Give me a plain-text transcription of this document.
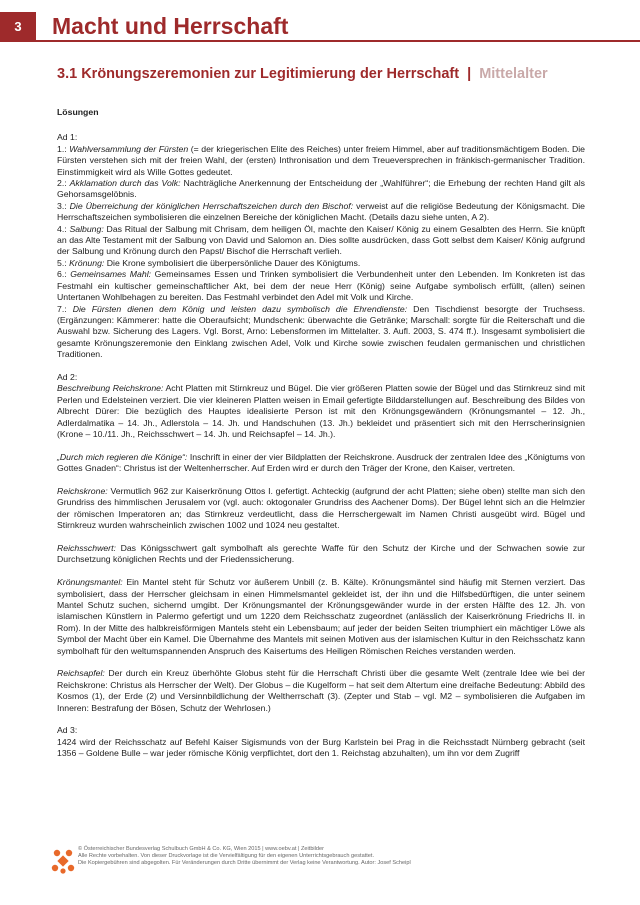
3 Macht und Herrschaft
3.1 Krönungszeremonien zur Legitimierung der Herrschaft | Mittelalter

Lösungen

Ad 1:

1.: Wahlversammlung der Fürsten (= der kriegerischen Elite des Reiches) unter freiem Himmel, aber auf traditionsmächtigem Boden. Die Fürsten verstehen sich mit der freien Wahl, der (ersten) Inthronisation und dem Treueversprechen in fränkisch-germanischer Tradition. Einstimmigkeit wird als Wille Gottes gedeutet.

2.: Akklamation durch das Volk: Nachträgliche Anerkennung der Entscheidung der „Wahlführer“; die Erhebung der rechten Hand gilt als Gehorsamsgelöbnis.

3.: Die Überreichung der königlichen Herrschaftszeichen durch den Bischof: verweist auf die religiöse Bedeutung der Königsmacht. Die Herrschaftszeichen symbolisieren die einzelnen Bereiche der königlichen Macht. (Details dazu siehe unten, A 2).

4.: Salbung: Das Ritual der Salbung mit Chrisam, dem heiligen Öl, machte den Kaiser/ König zu einem Gesalbten des Herrn. Sie knüpft an das Alte Testament mit der Salbung von David und Salomon an. Dies sollte ausdrücken, dass Gott selbst dem Kaiser/ König aufgrund der Salbung und Krönung durch den Papst/ Bischof die Herrschaft verlieh.

5.: Krönung: Die Krone symbolisiert die überpersönliche Dauer des Königtums.

6.: Gemeinsames Mahl: Gemeinsames Essen und Trinken symbolisiert die Verbundenheit unter den Lebenden. Im Konkreten ist das Festmahl ein kultischer gemeinschaftlicher Akt, bei dem der neue Herr (König) seine Aufgabe symbolisch erfüllt, (allen) seinen Untertanen Wohlbehagen zu bereiten. Das Festmahl verbindet den Adel mit Volk und Kirche.

7.: Die Fürsten dienen dem König und leisten dazu symbolisch die Ehrendienste: Den Tischdienst besorgte der Truchsess. (Ergänzungen: Kämmerer: hatte die Oberaufsicht; Mundschenk: überwachte die Getränke; Marschall: sorgte für die Reiterschaft und die Auswahl bzw. Sicherung des Lagers. Vgl. Borst, Arno: Lebensformen im Mittelalter. 3. Aufl. 2003, S. 474 ff.). Insgesamt symbolisiert die gesamte Krönungszeremonie den Einklang zwischen Adel, Volk und Kirche sowie zwischen feudalen germanischen und christlichen Traditionen.

Ad 2:

Beschreibung Reichskrone: Acht Platten mit Stirnkreuz und Bügel. Die vier größeren Platten sowie der Bügel und das Stirnkreuz sind mit Perlen und Edelsteinen verziert. Die vier kleineren Platten weisen in Email gefertigte Bilddarstellungen auf. Beschreibung des Bildes von Albrecht Dürer: Die bezüglich des Hauptes idealisierte Person ist mit den Krönungsgewändern (Krönungsmantel – 12. Jh., Adlerdalmatika – 14. Jh., Adlerstola – 14. Jh. und Handschuhen (13. Jh.) bekleidet und präsentiert sich mit den Herrscherinsignien (Krone – 10./11. Jh., Reichsschwert – 14. Jh. und Reichsapfel – 14. Jh.).

„Durch mich regieren die Könige“: Inschrift in einer der vier Bildplatten der Reichskrone. Ausdruck der zentralen Idee des „Königtums von Gottes Gnaden“: Christus ist der Weltenherrscher. Auf Erden wird er durch den Träger der Krone, den Kaiser, vertreten.

Reichskrone: Vermutlich 962 zur Kaiserkrönung Ottos I. gefertigt. Achteckig (aufgrund der acht Platten; siehe oben) stellte man sich den Grundriss des himmlischen Jerusalem vor (vgl. auch: oktogonaler Grundriss des Aachener Doms). Der Bügel lehnt sich an die Helmzier der römischen Imperatoren an; das Stirnkreuz verdeutlicht, dass die Herrschergewalt im Namen Christi ausgeübt wird. Bügel und Stirnkreuz wurden wahrscheinlich zwischen 1002 und 1024 neu gestaltet.

Reichsschwert: Das Königsschwert galt symbolhaft als gerechte Waffe für den Schutz der Kirche und der Schwachen sowie zur Durchsetzung königlichen Rechts und der Friedenssicherung.

Krönungsmantel: Ein Mantel steht für Schutz vor äußerem Unbill (z. B. Kälte). Krönungsmäntel sind häufig mit Sternen verziert. Das symbolisiert, dass der Herrscher gleichsam in einen Himmelsmantel gekleidet ist, der ihn und die Hilfsbedürftigen, die unter seinem Mantel Schutz suchen, sichernd umgibt. Der Krönungsmantel der Krönungsgewänder wurde in der ersten Hälfte des 12. Jh. von islamischen Künstlern in Palermo gefertigt und um 1220 dem Reichsschatz zugeordnet (anlässlich der Kaiserkrönung Friedrichs II. in Rom). In der Mitte des halbkreisförmigen Mantels steht ein Lebensbaum; auf jeder der beiden Seiten triumphiert ein mächtiger Löwe als Symbol der Macht über ein Kamel. Die Übernahme des Mantels mit seinen Motiven aus der islamischen Kultur in den Reichsschatz kann symbolhaft für den weltumspannenden Anspruch des Kaisertums des Heiligen Römischen Reiches verstanden werden.

Reichsapfel: Der durch ein Kreuz überhöhte Globus steht für die Herrschaft Christi über die gesamte Welt (zentrale Idee wie bei der Reichskrone: Christus als Herrscher der Welt). Der Globus – die Kugelform – hat seit dem Altertum eine dreifache Bedeutung: Abbild des Kosmos (1), der Erde (2) und Versinnbildlichung der Weltherrschaft (3). (Zepter und Stab – vgl. M2 – symbolisieren die Aufgaben im Inneren: Bestrafung der Bösen, Schutz der Wehrlosen.)

Ad 3:

1424 wird der Reichsschatz auf Befehl Kaiser Sigismunds von der Burg Karlstein bei Prag in die Reichsstadt Nürnberg gebracht (seit 1356 – Goldene Bulle – war jeder römische König verpflichtet, dort den 1. Reichstag abzuhalten), um ihn vor dem Zugriff

© Österreichischer Bundesverlag Schulbuch GmbH & Co. KG, Wien 2015 | www.oebv.at | Zeitbilder
Alle Rechte vorbehalten. Von dieser Druckvorlage ist die Vervielfältigung für den eigenen Unterrichtsgebrauch gestattet.
Die Kopiergebühren sind abgegolten. Für Veränderungen durch Dritte übernimmt der Verlag keine Verantwortung. Autor: Josef Scheipl
